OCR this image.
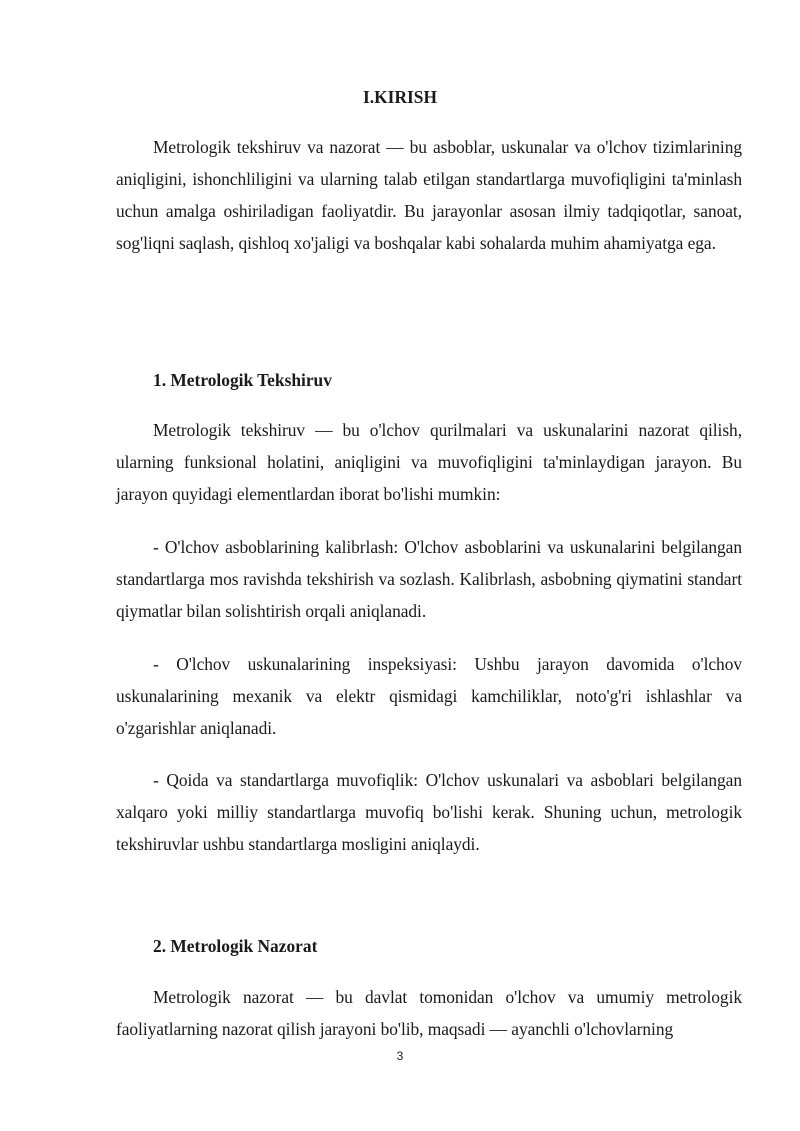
I.KIRISH

Metrologik tekshiruv va nazorat — bu asboblar, uskunalar va o'lchov tizimlarining aniqligini, ishonchliligini va ularning talab etilgan standartlarga muvofiqligini ta'minlash uchun amalga oshiriladigan faoliyatdir. Bu jarayonlar asosan ilmiy tadqiqotlar, sanoat, sog'liqni saqlash, qishloq xo'jaligi va boshqalar kabi sohalarda muhim ahamiyatga ega.

1. Metrologik Tekshiruv

Metrologik tekshiruv — bu o'lchov qurilmalari va uskunalarini nazorat qilish, ularning funksional holatini, aniqligini va muvofiqligini ta'minlaydigan jarayon. Bu jarayon quyidagi elementlardan iborat bo'lishi mumkin:

- O'lchov asboblarining kalibrlash: O'lchov asboblarini va uskunalarini belgilangan standartlarga mos ravishda tekshirish va sozlash. Kalibrlash, asbobning qiymatini standart qiymatlar bilan solishtirish orqali aniqlanadi.

- O'lchov uskunalarining inspeksiyasi: Ushbu jarayon davomida o'lchov uskunalarining mexanik va elektr qismidagi kamchiliklar, noto'g'ri ishlashlar va o'zgarishlar aniqlanadi.

- Qoida va standartlarga muvofiqlik: O'lchov uskunalari va asboblari belgilangan xalqaro yoki milliy standartlarga muvofiq bo'lishi kerak. Shuning uchun, metrologik tekshiruvlar ushbu standartlarga mosligini aniqlaydi.

2. Metrologik Nazorat

Metrologik nazorat — bu davlat tomonidan o'lchov va umumiy metrologik faoliyatlarning nazorat qilish jarayoni bo'lib, maqsadi — ayanchli o'lchovlarning

3
